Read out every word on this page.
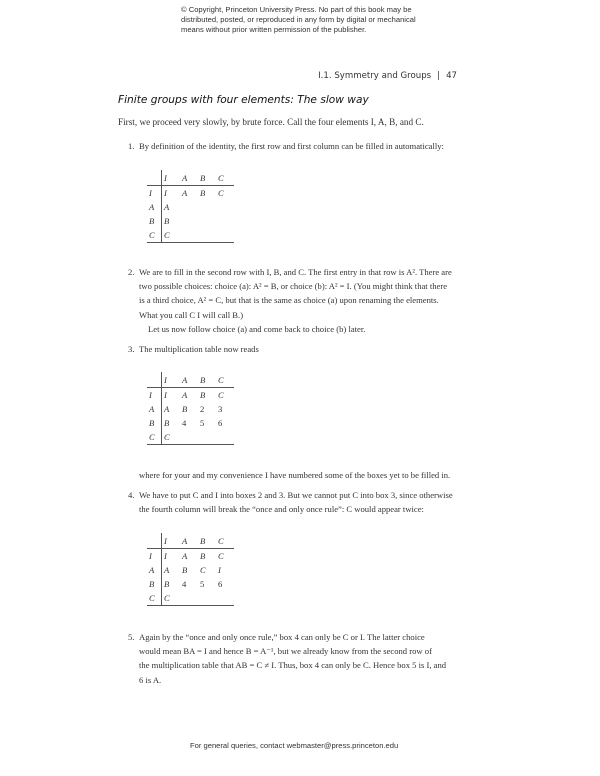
© Copyright, Princeton University Press. No part of this book may be
distributed, posted, or reproduced in any form by digital or mechanical
means without prior written permission of the publisher.
I.1. Symmetry and Groups | 47
Finite groups with four elements: The slow way
First, we proceed very slowly, by brute force. Call the four elements I, A, B, and C.
1. By definition of the identity, the first row and first column can be filled in automatically:
	I	A	B	C
I	I	A	B	C
A	A			
B	B			
C	C			
2. We are to fill in the second row with I, B, and C. The first entry in that row is A². There are
two possible choices: choice (a): A² = B, or choice (b): A² = I. (You might think that there
is a third choice, A² = C, but that is the same as choice (a) upon renaming the elements.
What you call C I will call B.)
Let us now follow choice (a) and come back to choice (b) later.
3. The multiplication table now reads
	I	A	B	C
I	I	A	B	C
A	A	B	2	3
B	B	4	5	6
C	C			
where for your and my convenience I have numbered some of the boxes yet to be filled in.
4. We have to put C and I into boxes 2 and 3. But we cannot put C into box 3, since otherwise
the fourth column will break the “once and only once rule”: C would appear twice:
	I	A	B	C
I	I	A	B	C
A	A	B	C	I
B	B	4	5	6
C	C			
5. Again by the “once and only once rule,” box 4 can only be C or I. The latter choice
would mean BA = I and hence B = A⁻¹, but we already know from the second row of
the multiplication table that AB = C ≠ I. Thus, box 4 can only be C. Hence box 5 is I, and
6 is A.
For general queries, contact webmaster@press.princeton.edu
